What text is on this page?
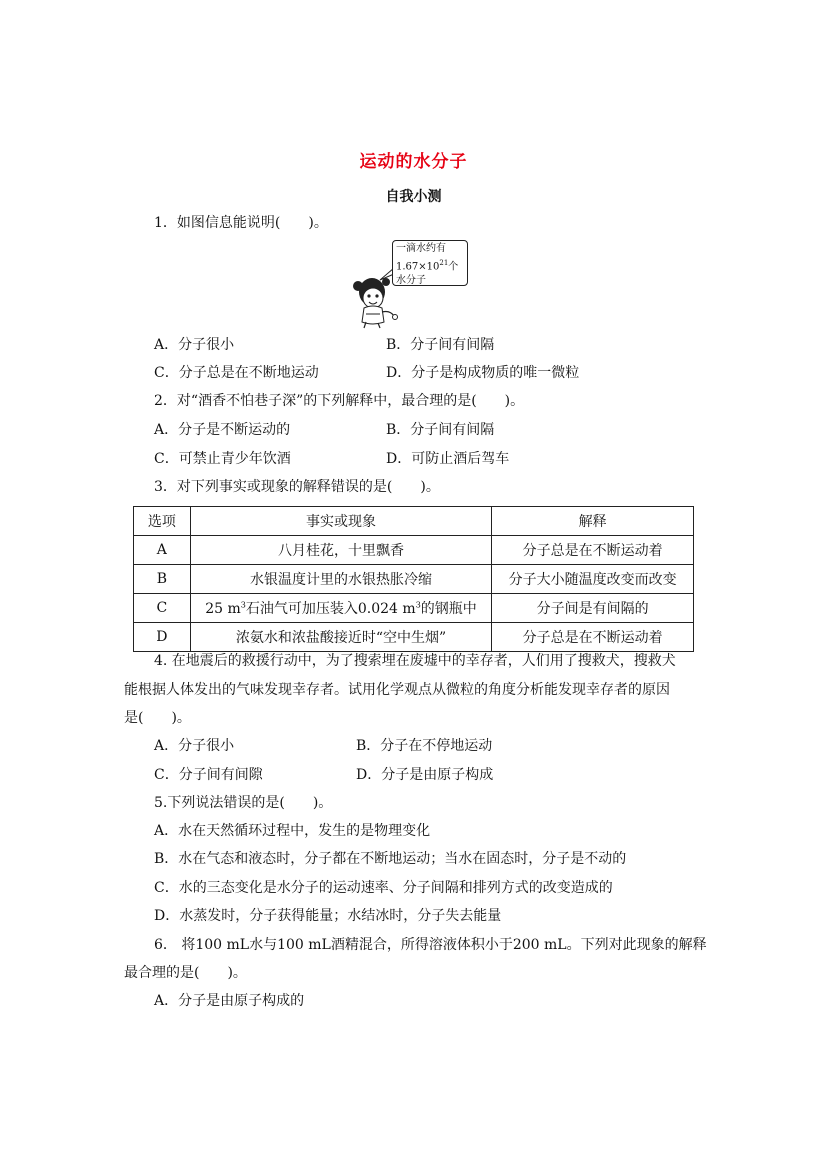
运动的水分子
自我小测
1．如图信息能说明(　　)。
一滴水约有
$1.67\times 10^{21}$个
水分子
A．分子很小	B．分子间有间隔
C．分子总是在不断地运动	D．分子是构成物质的唯一微粒
2．对“酒香不怕巷子深”的下列解释中，最合理的是(　　)。
A．分子是不断运动的	B．分子间有间隔
C．可禁止青少年饮酒	D．可防止酒后驾车
3．对下列事实或现象的解释错误的是(　　)。
选项	事实或现象	解释
A	八月桂花，十里飘香	分子总是在不断运动着
B	水银温度计里的水银热胀冷缩	分子大小随温度改变而改变
C	25 $m^3$石油气可加压装入0.024 $m^3$的钢瓶中	分子间是有间隔的
D	浓氨水和浓盐酸接近时“空中生烟”	分子总是在不断运动着
4. 在地震后的救援行动中，为了搜索埋在废墟中的幸存者，人们用了搜救犬，搜救犬
能根据人体发出的气味发现幸存者。试用化学观点从微粒的角度分析能发现幸存者的原因
是(　　)。
A．分子很小	B．分子在不停地运动
C．分子间有间隙	D．分子是由原子构成
5.下列说法错误的是(　　)。
A．水在天然循环过程中，发生的是物理变化
B．水在气态和液态时，分子都在不断地运动；当水在固态时，分子是不动的
C．水的三态变化是水分子的运动速率、分子间隔和排列方式的改变造成的
D．水蒸发时，分子获得能量；水结冰时，分子失去能量
6． 将100 mL水与100 mL酒精混合，所得溶液体积小于200 mL。下列对此现象的解释
最合理的是(　　)。
A．分子是由原子构成的
